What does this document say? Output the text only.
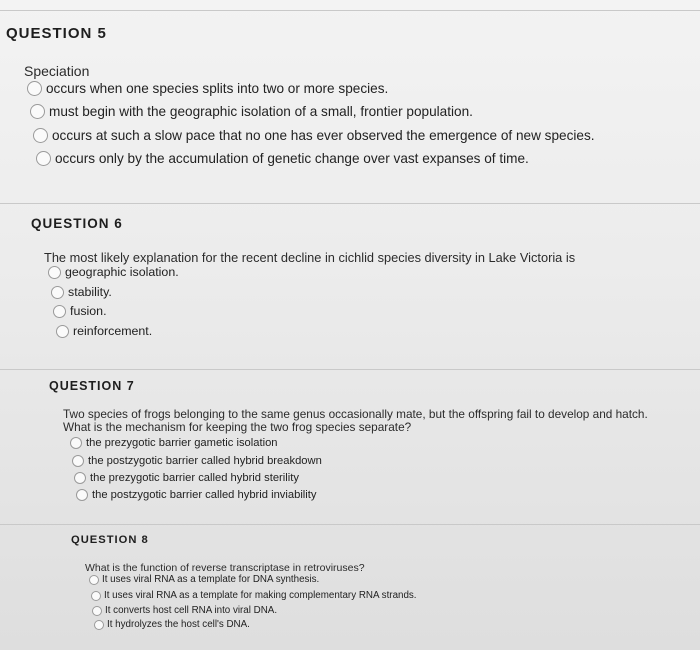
QUESTION 5
Speciation
occurs when one species splits into two or more species.
must begin with the geographic isolation of a small, frontier population.
occurs at such a slow pace that no one has ever observed the emergence of new species.
occurs only by the accumulation of genetic change over vast expanses of time.
QUESTION 6
The most likely explanation for the recent decline in cichlid species diversity in Lake Victoria is
geographic isolation.
stability.
fusion.
reinforcement.
QUESTION 7
Two species of frogs belonging to the same genus occasionally mate, but the offspring fail to develop and hatch.
What is the mechanism for keeping the two frog species separate?
the prezygotic barrier gametic isolation
the postzygotic barrier called hybrid breakdown
the prezygotic barrier called hybrid sterility
the postzygotic barrier called hybrid inviability
QUESTION 8
What is the function of reverse transcriptase in retroviruses?
It uses viral RNA as a template for DNA synthesis.
It uses viral RNA as a template for making complementary RNA strands.
It converts host cell RNA into viral DNA.
It hydrolyzes the host cell's DNA.
